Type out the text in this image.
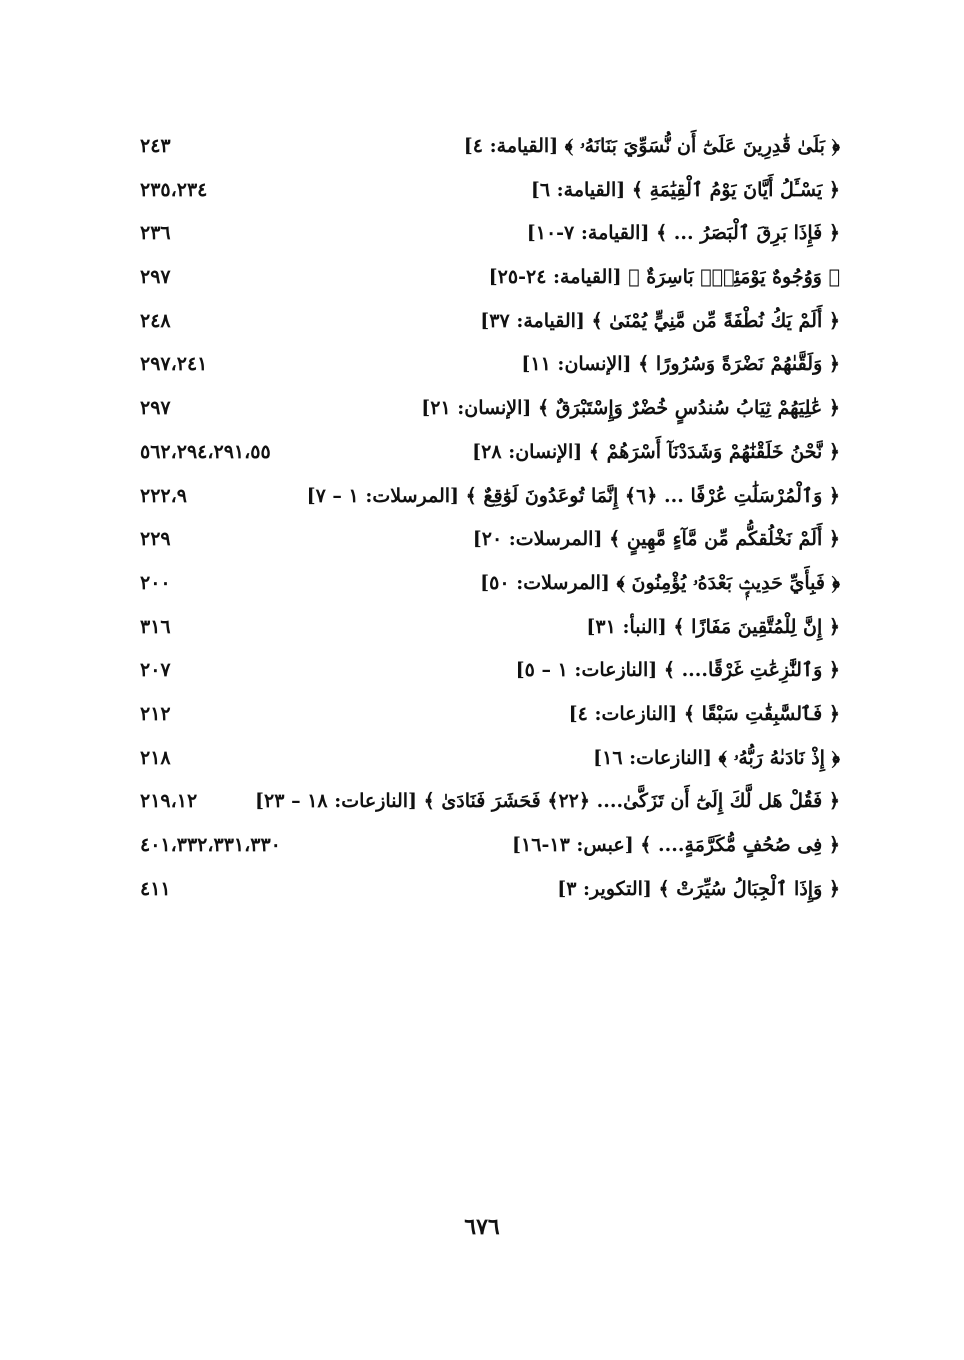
﴿ بَلَىٰ قَٰدِرِينَ عَلَىٰٓ أَن نُّسَوِّيَ بَنَانَهُۥ ﴾ [القيامة: ٤]
٢٤٣
﴿ يَسْـَٔلُ أَيَّانَ يَوْمُ ٱلْقِيَٰمَةِ ﴾ [القيامة: ٦]
٢٣٥،٢٣٤
﴿ فَإِذَا بَرِقَ ٱلْبَصَرُ ... ﴾ [القيامة: ٧-١٠]
٢٣٦
﴿ وَوُجُوهٌ يَوْمَئِذٍۭ بَاسِرَةٌ ﴾ [القيامة: ٢٤-٢٥]
٢٩٧
﴿ أَلَمْ يَكُ نُطْفَةً مِّن مَّنِيٍّ يُمْنَىٰ ﴾ [القيامة: ٣٧]
٢٤٨
﴿ وَلَقَّىٰهُمْ نَضْرَةً وَسُرُورًا ﴾ [الإنسان: ١١]
٢٩٧،٢٤١
﴿ عَٰلِيَهُمْ ثِيَابُ سُندُسٍ خُضْرٌ وَإِسْتَبْرَقٌ ﴾ [الإنسان: ٢١]
٢٩٧
﴿ نَّحْنُ خَلَقْنَٰهُمْ وَشَدَدْنَآ أَسْرَهُمْ ﴾ [الإنسان: ٢٨]
٥٦٢،٢٩٤،٢٩١،٥٥
﴿ وَٱلْمُرْسَلَٰتِ عُرْفًا ... ﴿٦﴾ إِنَّمَا تُوعَدُونَ لَوَٰقِعٌ ﴾ [المرسلات: ١ – ٧]
٢٢٢،٩
﴿ أَلَمْ نَخْلُقكُّم مِّن مَّآءٍ مَّهِينٍ ﴾ [المرسلات: ٢٠]
٢٢٩
﴿ فَبِأَيِّ حَدِيثٍۭ بَعْدَهُۥ يُؤْمِنُونَ ﴾ [المرسلات: ٥٠]
٢٠٠
﴿ إِنَّ لِلْمُتَّقِينَ مَفَازًا ﴾ [النبأ: ٣١]
٣١٦
﴿ وَٱلنَّٰزِعَٰتِ غَرْقًا.... ﴾ [النازعات: ١ – ٥]
٢٠٧
﴿ فَٱلسَّٰبِقَٰتِ سَبْقًا ﴾ [النازعات: ٤]
٢١٢
﴿ إِذْ نَادَىٰهُ رَبُّهُۥ ﴾ [النازعات: ١٦]
٢١٨
﴿ فَقُلْ هَل لَّكَ إِلَىٰٓ أَن تَزَكَّىٰ.... ﴿٢٢﴾ فَحَشَرَ فَنَادَىٰ ﴾ [النازعات: ١٨ – ٢٣]
٢١٩،١٢
﴿ فِى صُحُفٍ مُّكَرَّمَةٍ.... ﴾ [عبس: ١٣-١٦]
٤٠١،٣٣٢،٣٣١،٣٣٠
﴿ وَإِذَا ٱلْجِبَالُ سُيِّرَتْ ﴾ [التكوير: ٣]
٤١١
٦٧٦
